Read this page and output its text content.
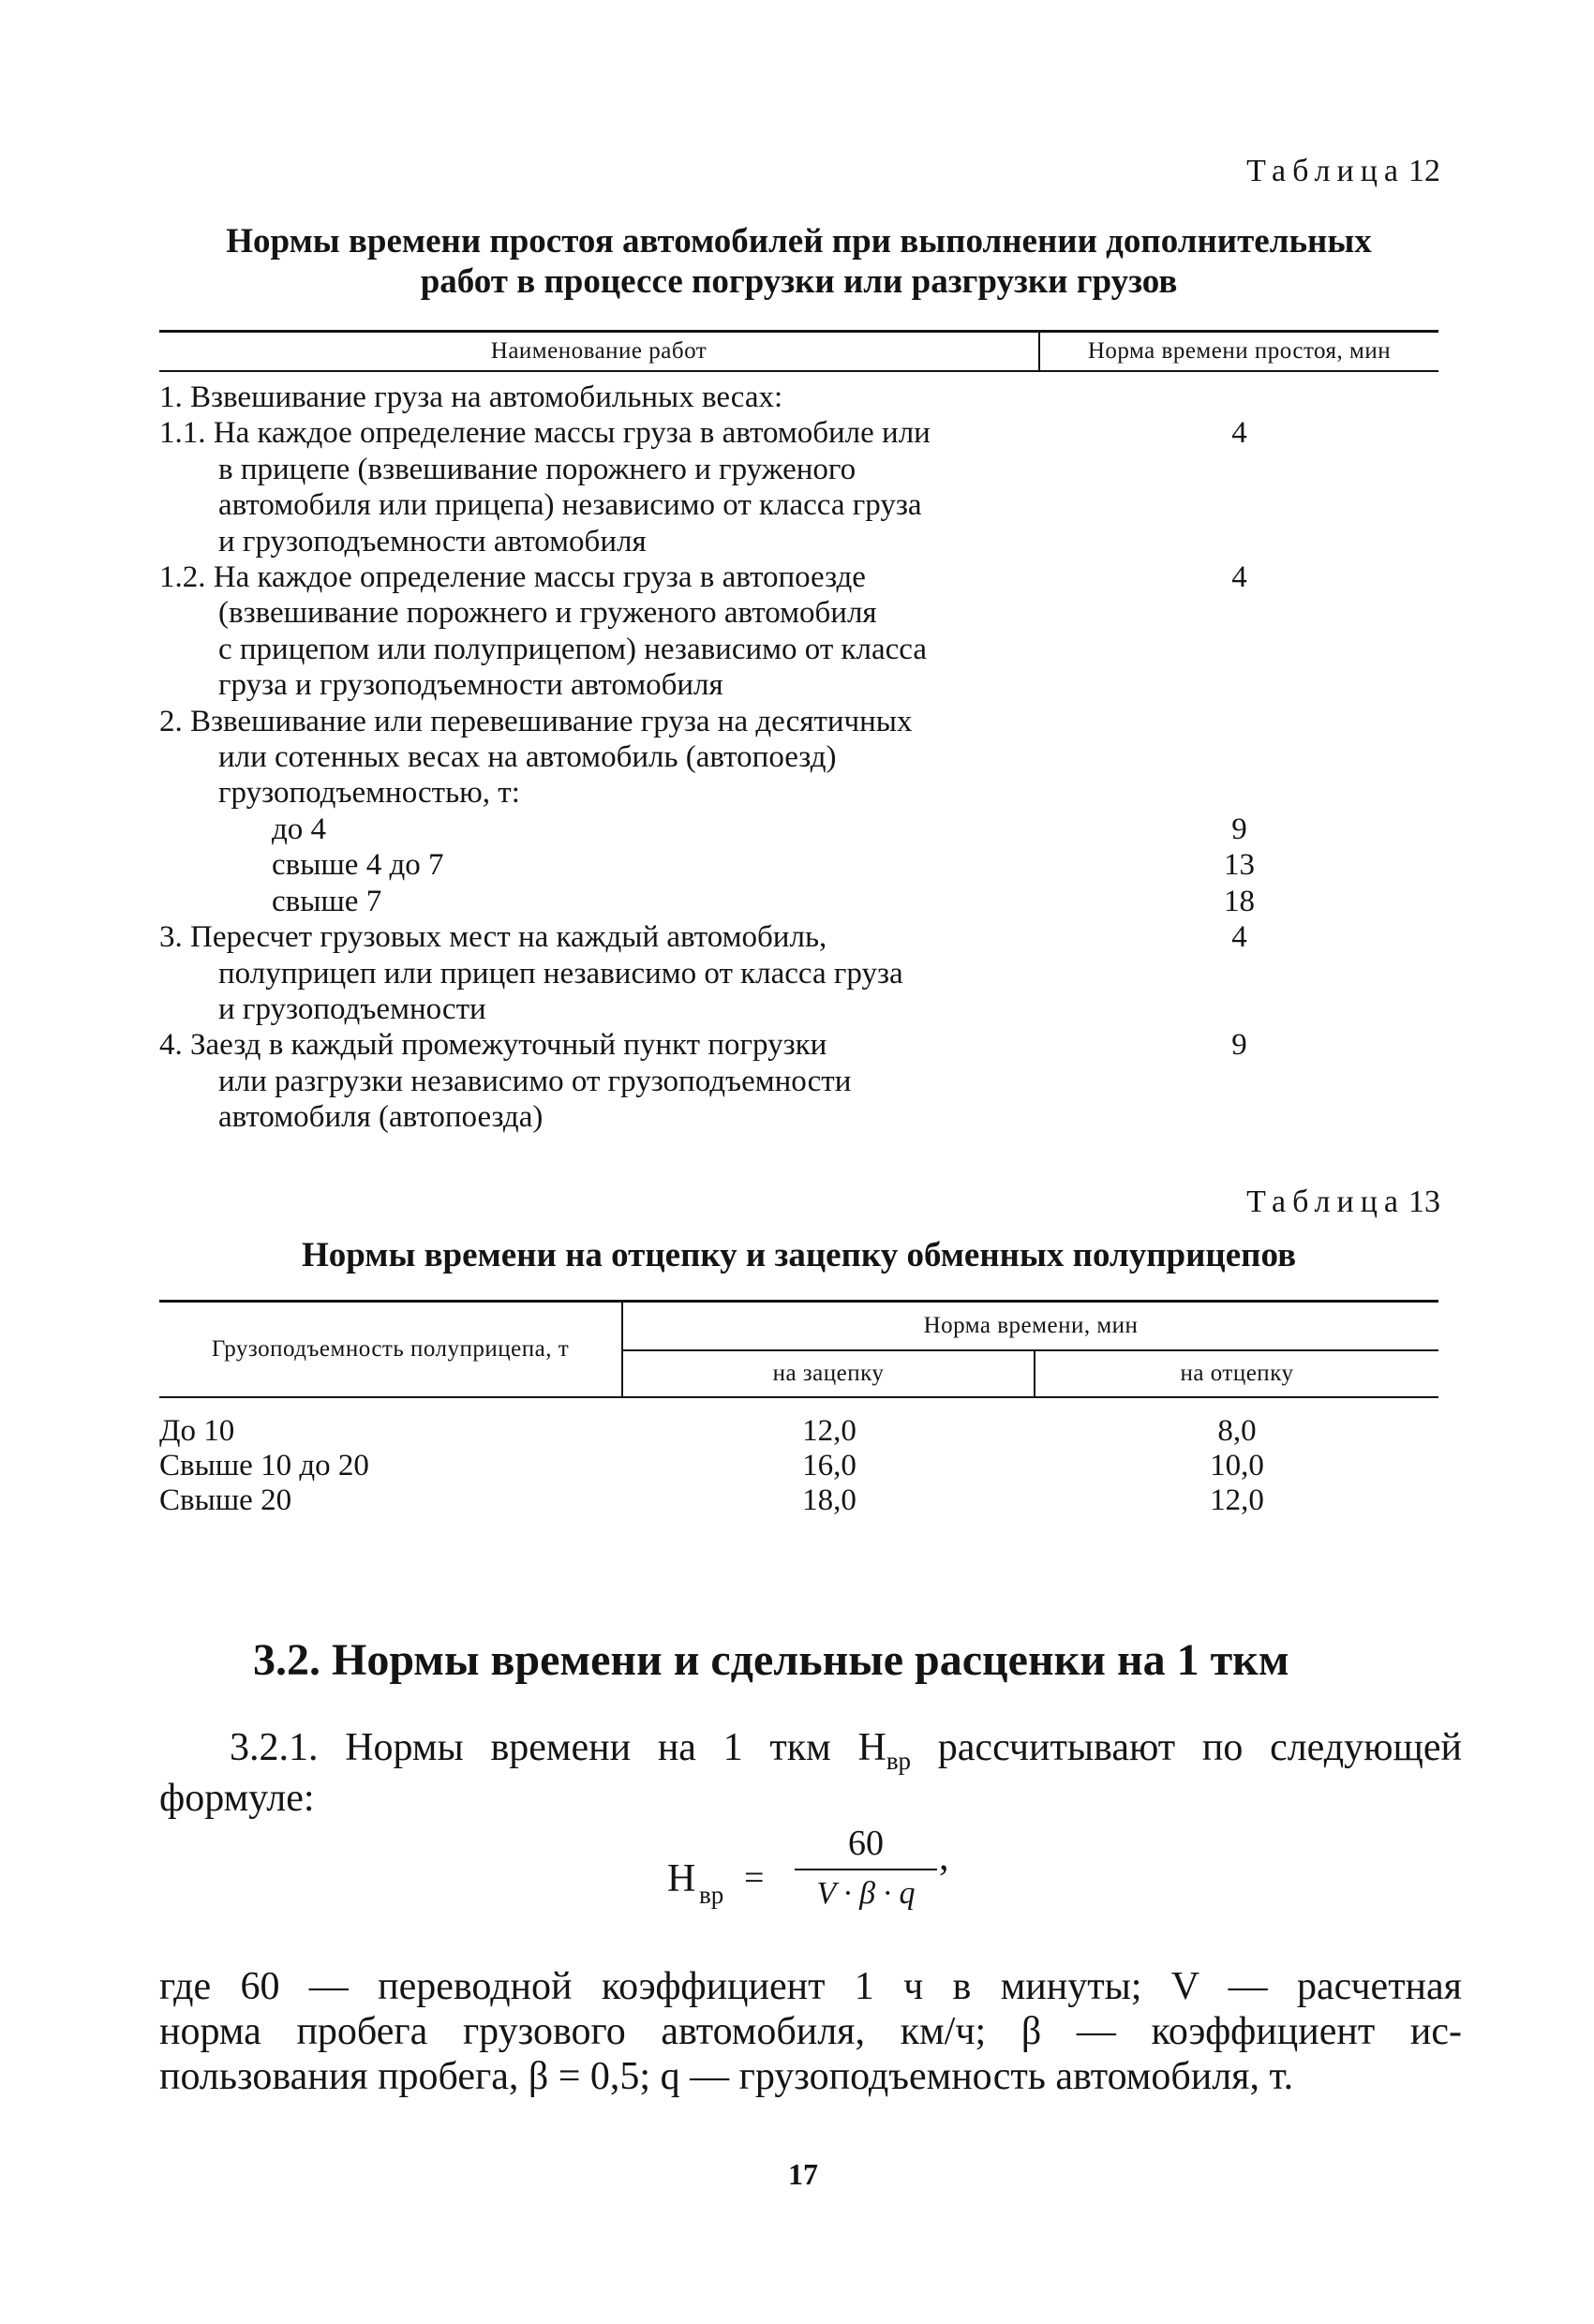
Таблица 12
Нормы времени простоя автомобилей при выполнении дополнительных
работ в процессе погрузки или разгрузки грузов
Наименование работ	Норма времени простоя, мин
1. Взвешивание груза на автомобильных весах:
1.1. На каждое определение массы груза в автомобиле или
в прицепе (взвешивание порожнего и груженого
автомобиля или прицепа) независимо от класса груза
и грузоподъемности автомобиля
4
1.2. На каждое определение массы груза в автопоезде
(взвешивание порожнего и груженого автомобиля
с прицепом или полуприцепом) независимо от класса
груза и грузоподъемности автомобиля
4
2. Взвешивание или перевешивание груза на десятичных
или сотенных весах на автомобиль (автопоезд)
грузоподъемностью, т:
до 4	9
свыше 4 до 7	13
свыше 7	18
3. Пересчет грузовых мест на каждый автомобиль,
полуприцеп или прицеп независимо от класса груза
и грузоподъемности
4
4. Заезд в каждый промежуточный пункт погрузки
или разгрузки независимо от грузоподъемности
автомобиля (автопоезда)
9
Таблица 13
Нормы времени на отцепку и зацепку обменных полуприцепов
Грузоподъемность полуприцепа, т
Норма времени, мин
на зацепку	на отцепку
До 10	12,0	8,0
Свыше 10 до 20	16,0	10,0
Свыше 20	18,0	12,0
3.2. Нормы времени и сдельные расценки на 1 ткм
3.2.1. Нормы времени на 1 ткм $Н_{вр}$ рассчитывают по следующей
формуле:
Н вр = $\frac{60}{V \cdot \beta \cdot q}$ ,
где 60 — переводной коэффициент 1 ч в минуты; V — расчетная
норма пробега грузового автомобиля, км/ч; β — коэффициент ис-
пользования пробега, β = 0,5; q — грузоподъемность автомобиля, т.
17
